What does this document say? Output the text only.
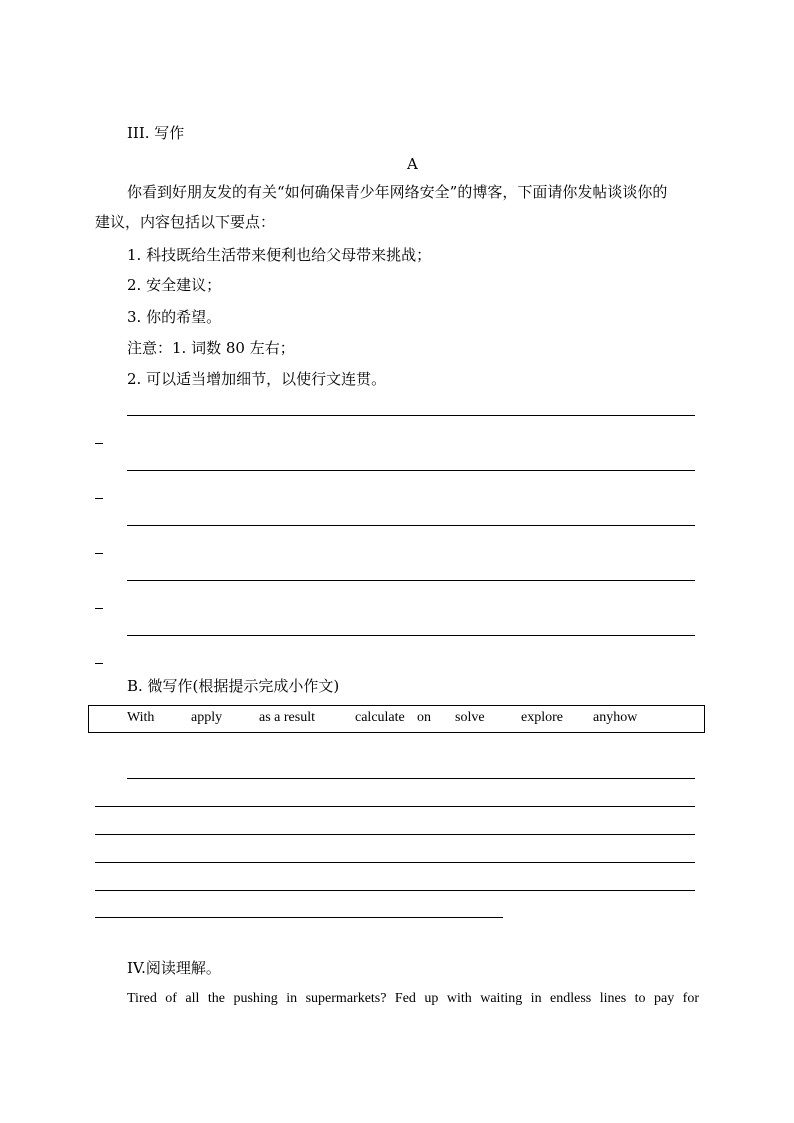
III. 写作
A
你看到好朋友发的有关“如何确保青少年网络安全”的博客，下面请你发帖谈谈你的
建议，内容包括以下要点：
1. 科技既给生活带来便利也给父母带来挑战；
2. 安全建议；
3. 你的希望。
注意：1. 词数 80 左右；
2. 可以适当增加细节，以使行文连贯。
B. 微写作(根据提示完成小作文)
With	apply	as a result	calculate on solve	explore anyhow
IV.阅读理解。
Tired of all the pushing in supermarkets? Fed up with waiting in endless lines to pay for
